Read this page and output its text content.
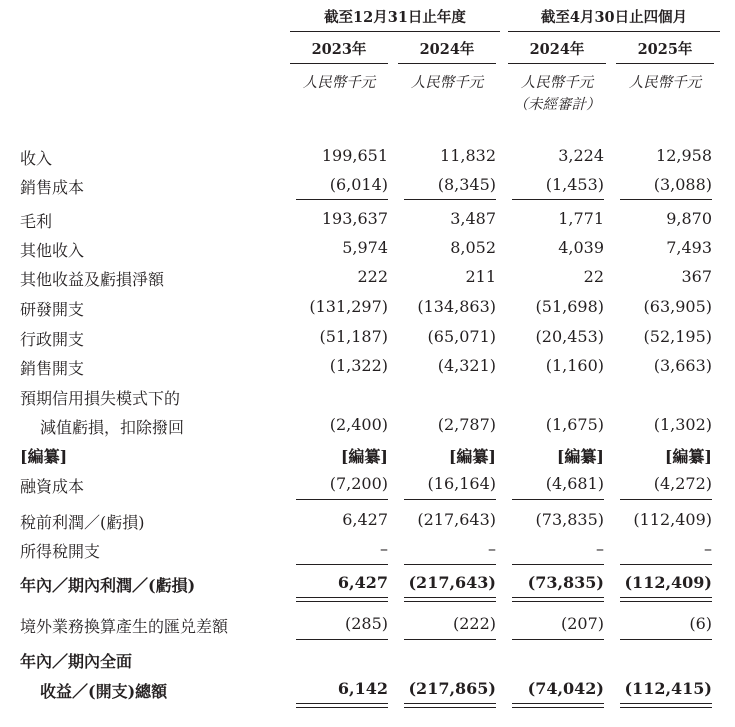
截至12月31日止年度	截至4月30日止四個月
2023年	2024年	2024年	2025年
人民幣千元	人民幣千元	人民幣千元	人民幣千元
（未經審計）
收入	199,651	11,832	3,224	12,958
銷售成本	(6,014)	(8,345)	(1,453)	(3,088)
毛利	193,637	3,487	1,771	9,870
其他收入	5,974	8,052	4,039	7,493
其他收益及虧損淨額	222	211	22	367
研發開支	(131,297)	(134,863)	(51,698)	(63,905)
行政開支	(51,187)	(65,071)	(20,453)	(52,195)
銷售開支	(1,322)	(4,321)	(1,160)	(3,663)
預期信用損失模式下的
減值虧損，扣除撥回	(2,400)	(2,787)	(1,675)	(1,302)
[編纂]	[編纂]	[編纂]	[編纂]	[編纂]
融資成本	(7,200)	(16,164)	(4,681)	(4,272)
稅前利潤／(虧損)	6,427	(217,643)	(73,835)	(112,409)
所得稅開支	–	–	–	–
年內／期內利潤／(虧損)	6,427	(217,643)	(73,835)	(112,409)
境外業務換算產生的匯兑差額	(285)	(222)	(207)	(6)
年內／期內全面
收益／(開支)總額	6,142	(217,865)	(74,042)	(112,415)
